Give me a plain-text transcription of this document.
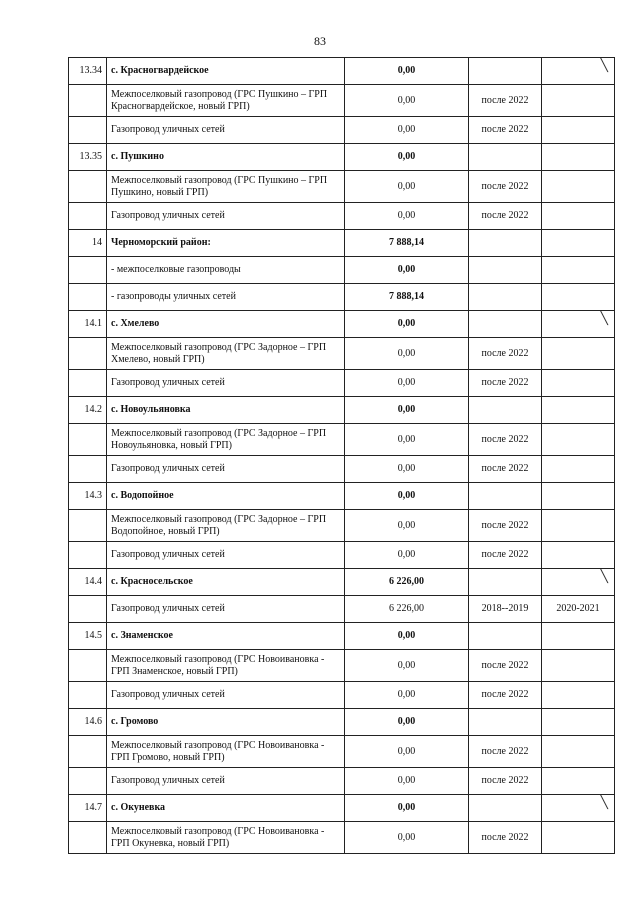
83
13.34	с. Красногвардейское	0,00		╲

	Межпоселковый газопровод (ГРС Пушкино – ГРП Красногвардейское, новый ГРП)	0,00	после 2022	
	Газопровод уличных сетей	0,00	после 2022	
13.35	с. Пушкино	0,00		
	Межпоселковый газопровод (ГРС Пушкино – ГРП Пушкино, новый ГРП)	0,00	после 2022	
	Газопровод уличных сетей	0,00	после 2022	
14	Черноморский район:	7 888,14		
	- межпоселковые газопроводы	0,00		
	- газопроводы уличных сетей	7 888,14		
14.1	с. Хмелево	0,00		╲

	Межпоселковый газопровод (ГРС Задорное – ГРП Хмелево, новый ГРП)	0,00	после 2022	
	Газопровод уличных сетей	0,00	после 2022	
14.2	с. Новоульяновка	0,00		
	Межпоселковый газопровод (ГРС Задорное – ГРП Новоульяновка, новый ГРП)	0,00	после 2022	
	Газопровод уличных сетей	0,00	после 2022	
14.3	с. Водопойное	0,00		
	Межпоселковый газопровод (ГРС Задорное – ГРП Водопойное, новый ГРП)	0,00	после 2022	
	Газопровод уличных сетей	0,00	после 2022	
14.4	с. Красносельское	6 226,00		╲

	Газопровод уличных сетей	6 226,00	2018--2019	2020-2021
14.5	с. Знаменское	0,00		
	Межпоселковый газопровод (ГРС Новоивановка - ГРП Знаменское, новый ГРП)	0,00	после 2022	
	Газопровод уличных сетей	0,00	после 2022	
14.6	с. Громово	0,00		
	Межпоселковый газопровод (ГРС Новоивановка - ГРП Громово, новый ГРП)	0,00	после 2022	
	Газопровод уличных сетей	0,00	после 2022	
14.7	с. Окуневка	0,00		╲

	Межпоселковый газопровод (ГРС Новоивановка - ГРП Окуневка, новый ГРП)	0,00	после 2022	
